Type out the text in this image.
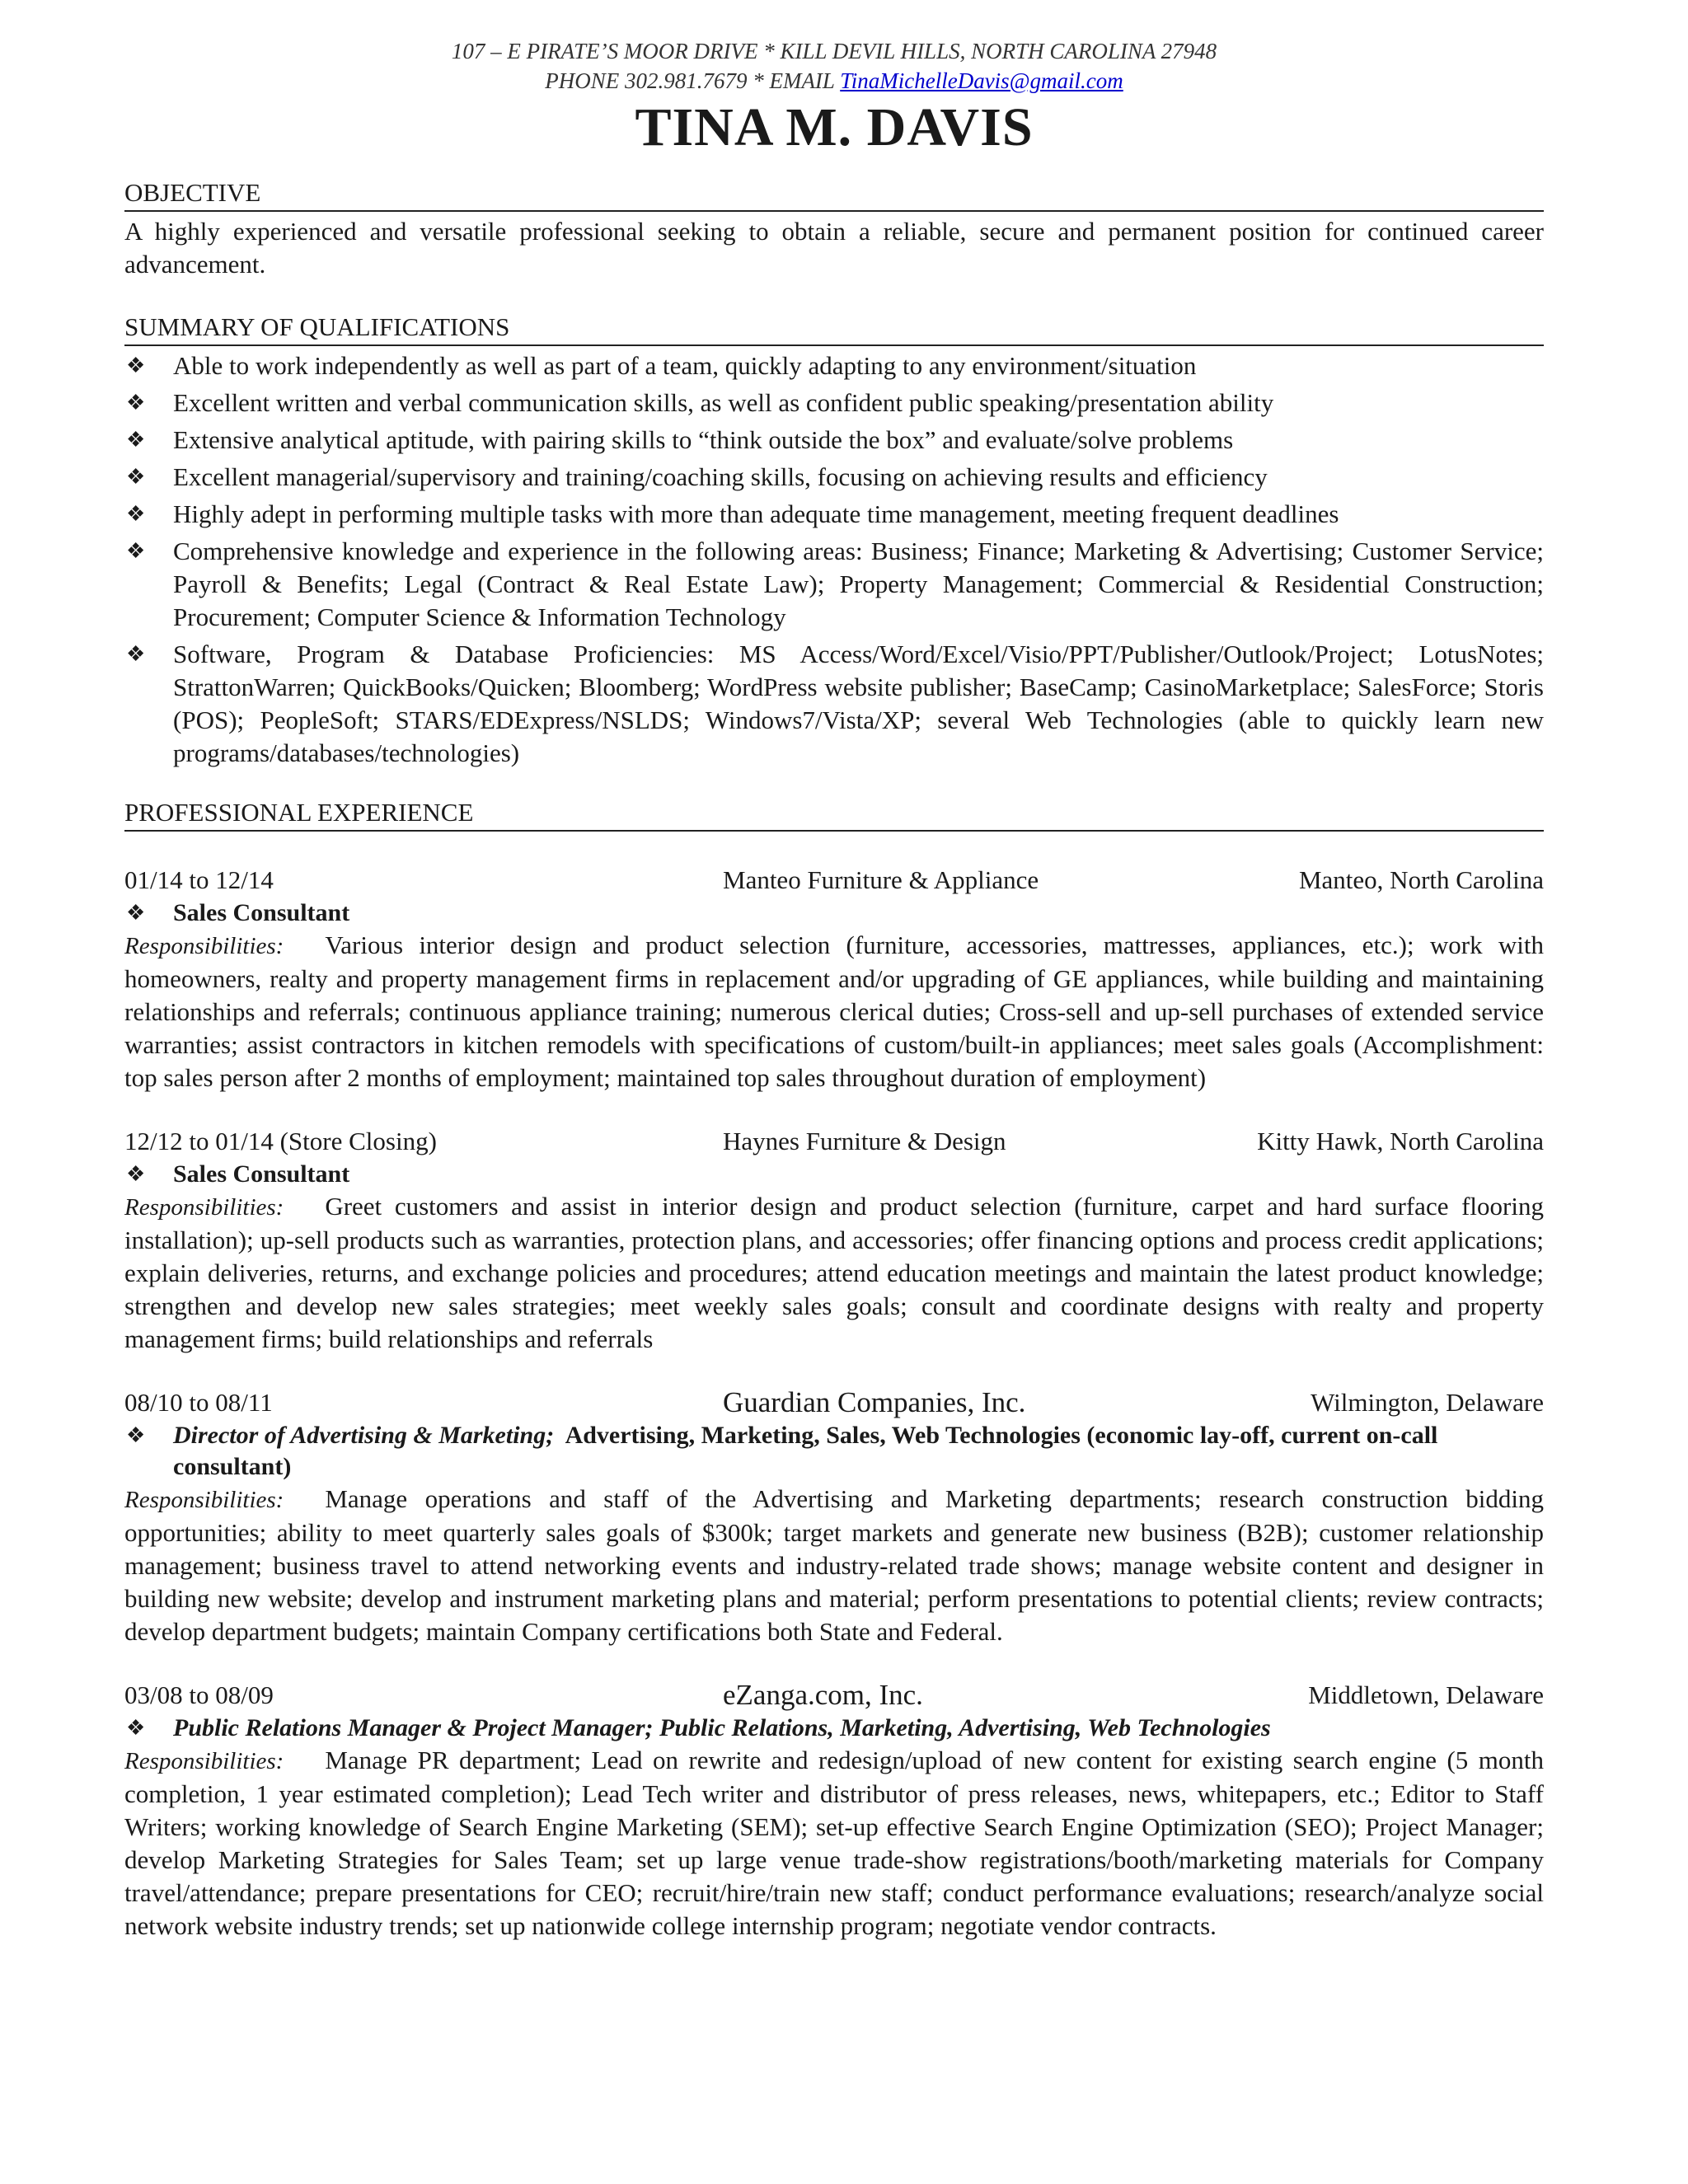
107 – E PIRATE’S MOOR DRIVE * KILL DEVIL HILLS, NORTH CAROLINA 27948
PHONE 302.981.7679 * EMAIL TinaMichelleDavis@gmail.com
TINA M. DAVIS
OBJECTIVE
A highly experienced and versatile professional seeking to obtain a reliable, secure and permanent position for continued career advancement.
SUMMARY OF QUALIFICATIONS
❖ Able to work independently as well as part of a team, quickly adapting to any environment/situation
❖ Excellent written and verbal communication skills, as well as confident public speaking/presentation ability
❖ Extensive analytical aptitude, with pairing skills to “think outside the box” and evaluate/solve problems
❖ Excellent managerial/supervisory and training/coaching skills, focusing on achieving results and efficiency
❖ Highly adept in performing multiple tasks with more than adequate time management, meeting frequent deadlines
❖ Comprehensive knowledge and experience in the following areas: Business; Finance; Marketing & Advertising; Customer Service; Payroll & Benefits; Legal (Contract & Real Estate Law); Property Management; Commercial & Residential Construction; Procurement; Computer Science & Information Technology
❖ Software, Program & Database Proficiencies: MS Access/Word/Excel/Visio/PPT/Publisher/Outlook/Project; LotusNotes; StrattonWarren; QuickBooks/Quicken; Bloomberg; WordPress website publisher; BaseCamp; CasinoMarketplace; SalesForce; Storis (POS); PeopleSoft; STARS/EDExpress/NSLDS; Windows7/Vista/XP; several Web Technologies (able to quickly learn new programs/databases/technologies)
PROFESSIONAL EXPERIENCE
01/14 to 12/14	Manteo Furniture & Appliance	Manteo, North Carolina
❖ Sales Consultant
Responsibilities: Various interior design and product selection (furniture, accessories, mattresses, appliances, etc.); work with homeowners, realty and property management firms in replacement and/or upgrading of GE appliances, while building and maintaining relationships and referrals; continuous appliance training; numerous clerical duties; Cross-sell and up-sell purchases of extended service warranties; assist contractors in kitchen remodels with specifications of custom/built-in appliances; meet sales goals (Accomplishment: top sales person after 2 months of employment; maintained top sales throughout duration of employment)
12/12 to 01/14 (Store Closing)	Haynes Furniture & Design	Kitty Hawk, North Carolina
❖ Sales Consultant
Responsibilities: Greet customers and assist in interior design and product selection (furniture, carpet and hard surface flooring installation); up-sell products such as warranties, protection plans, and accessories; offer financing options and process credit applications; explain deliveries, returns, and exchange policies and procedures; attend education meetings and maintain the latest product knowledge; strengthen and develop new sales strategies; meet weekly sales goals; consult and coordinate designs with realty and property management firms; build relationships and referrals
08/10 to 08/11	Guardian Companies, Inc.	Wilmington, Delaware
❖ Director of Advertising & Marketing; Advertising, Marketing, Sales, Web Technologies (economic lay-off, current on-call consultant)
Responsibilities: Manage operations and staff of the Advertising and Marketing departments; research construction bidding opportunities; ability to meet quarterly sales goals of $300k; target markets and generate new business (B2B); customer relationship management; business travel to attend networking events and industry-related trade shows; manage website content and designer in building new website; develop and instrument marketing plans and material; perform presentations to potential clients; review contracts; develop department budgets; maintain Company certifications both State and Federal.
03/08 to 08/09	eZanga.com, Inc.	Middletown, Delaware
❖ Public Relations Manager & Project Manager; Public Relations, Marketing, Advertising, Web Technologies
Responsibilities: Manage PR department; Lead on rewrite and redesign/upload of new content for existing search engine (5 month completion, 1 year estimated completion); Lead Tech writer and distributor of press releases, news, whitepapers, etc.; Editor to Staff Writers; working knowledge of Search Engine Marketing (SEM); set-up effective Search Engine Optimization (SEO); Project Manager; develop Marketing Strategies for Sales Team; set up large venue trade-show registrations/booth/marketing materials for Company travel/attendance; prepare presentations for CEO; recruit/hire/train new staff; conduct performance evaluations; research/analyze social network website industry trends; set up nationwide college internship program; negotiate vendor contracts.
